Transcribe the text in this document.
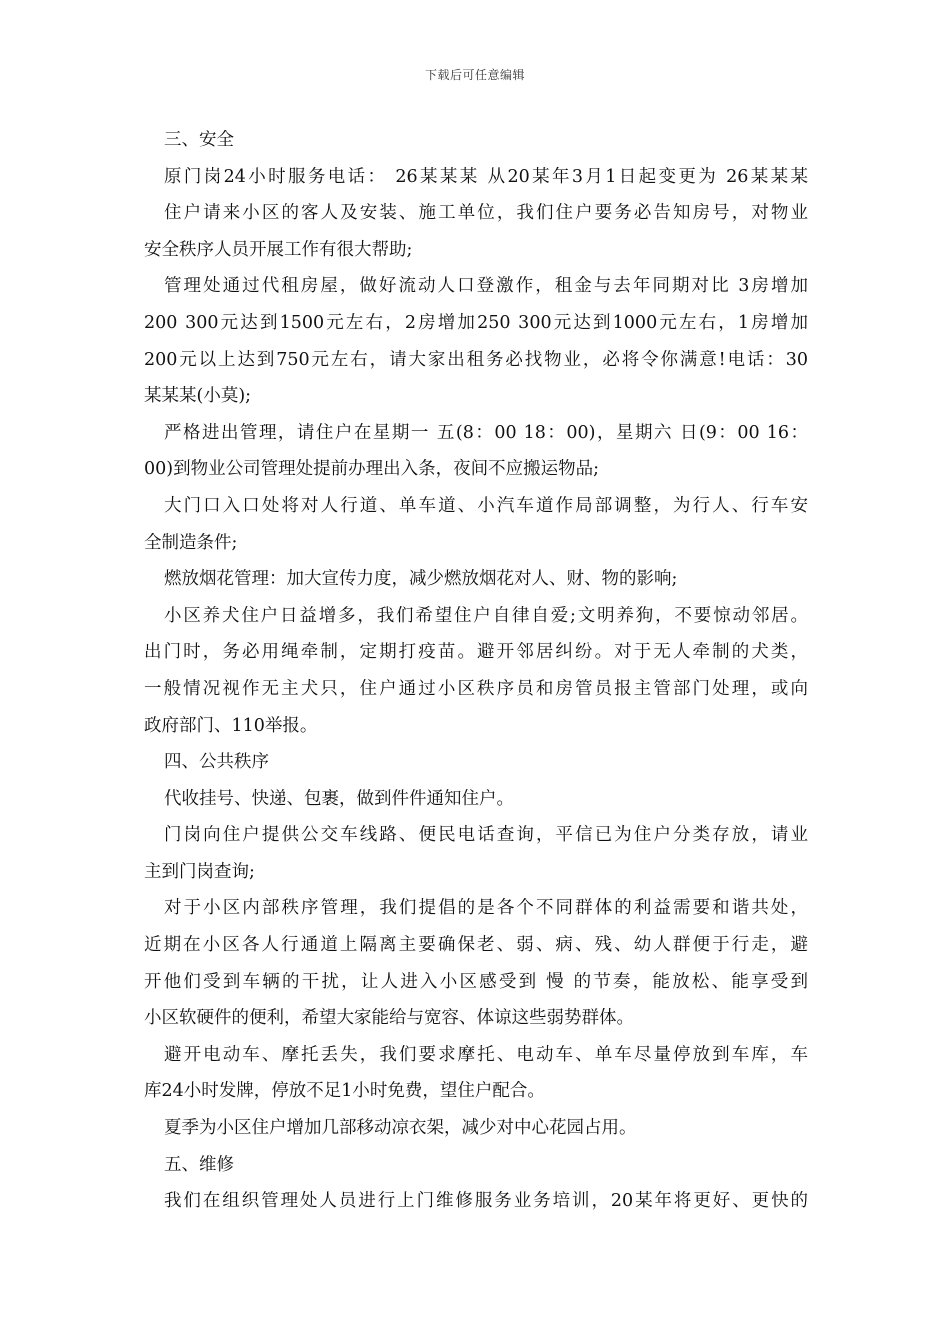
下载后可任意编辑
三、安全
原门岗24小时服务电话： 26某某某 从20某年3月1日起变更为 26某某某
住户请来小区的客人及安装、施工单位，我们住户要务必告知房号，对物业
安全秩序人员开展工作有很大帮助;
管理处通过代租房屋，做好流动人口登激作，租金与去年同期对比 3房增加
200 300元达到1500元左右，2房增加250 300元达到1000元左右，1房增加
200元以上达到750元左右，请大家出租务必找物业，必将令你满意!电话：30
某某某(小莫);
严格进出管理，请住户在星期一 五(8：00 18：00)，星期六 日(9：00 16：
00)到物业公司管理处提前办理出入条，夜间不应搬运物品;
大门口入口处将对人行道、单车道、小汽车道作局部调整，为行人、行车安
全制造条件;
燃放烟花管理：加大宣传力度，减少燃放烟花对人、财、物的影响;
小区养犬住户日益增多，我们希望住户自律自爱;文明养狗，不要惊动邻居。
出门时，务必用绳牵制，定期打疫苗。避开邻居纠纷。对于无人牵制的犬类，
一般情况视作无主犬只，住户通过小区秩序员和房管员报主管部门处理，或向
政府部门、110举报。
四、公共秩序
代收挂号、快递、包裹，做到件件通知住户。
门岗向住户提供公交车线路、便民电话查询，平信已为住户分类存放，请业
主到门岗查询;
对于小区内部秩序管理，我们提倡的是各个不同群体的利益需要和谐共处，
近期在小区各人行通道上隔离主要确保老、弱、病、残、幼人群便于行走，避
开他们受到车辆的干扰，让人进入小区感受到 慢 的节奏，能放松、能享受到
小区软硬件的便利，希望大家能给与宽容、体谅这些弱势群体。
避开电动车、摩托丢失，我们要求摩托、电动车、单车尽量停放到车库，车
库24小时发牌，停放不足1小时免费，望住户配合。
夏季为小区住户增加几部移动凉衣架，减少对中心花园占用。
五、维修
我们在组织管理处人员进行上门维修服务业务培训，20某年将更好、更快的
